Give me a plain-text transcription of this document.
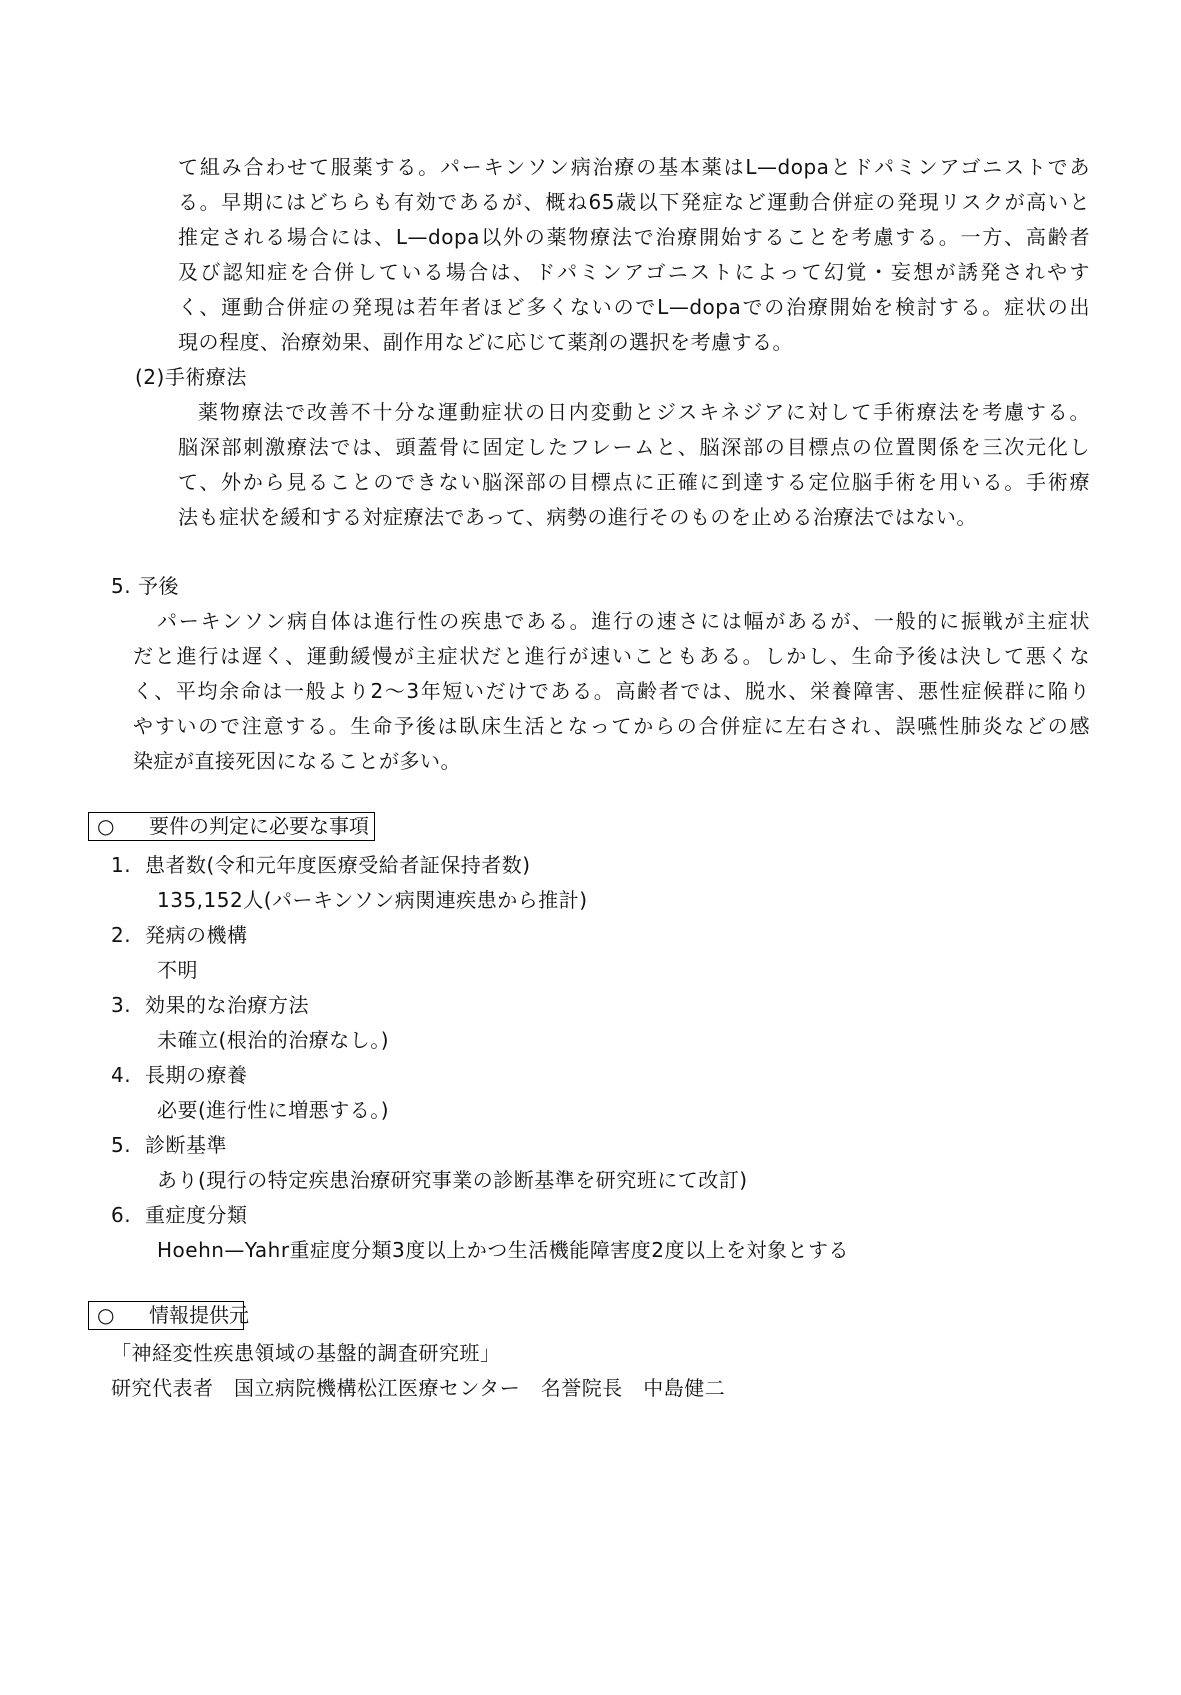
て組み合わせて服薬する。パーキンソン病治療の基本薬はL—dopaとドパミンアゴニストであ
る。早期にはどちらも有効であるが、概ね65歳以下発症など運動合併症の発現リスクが高いと
推定される場合には、L—dopa以外の薬物療法で治療開始することを考慮する。一方、高齢者
及び認知症を合併している場合は、ドパミンアゴニストによって幻覚・妄想が誘発されやす
く、運動合併症の発現は若年者ほど多くないのでL—dopaでの治療開始を検討する。症状の出
現の程度、治療効果、副作用などに応じて薬剤の選択を考慮する。
(2)手術療法
薬物療法で改善不十分な運動症状の日内変動とジスキネジアに対して手術療法を考慮する。
脳深部刺激療法では、頭蓋骨に固定したフレームと、脳深部の目標点の位置関係を三次元化し
て、外から見ることのできない脳深部の目標点に正確に到達する定位脳手術を用いる。手術療
法も症状を緩和する対症療法であって、病勢の進行そのものを止める治療法ではない。
5. 予後
パーキンソン病自体は進行性の疾患である。進行の速さには幅があるが、一般的に振戦が主症状
だと進行は遅く、運動緩慢が主症状だと進行が速いこともある。しかし、生命予後は決して悪くな
く、平均余命は一般より2〜3年短いだけである。高齢者では、脱水、栄養障害、悪性症候群に陥り
やすいので注意する。生命予後は臥床生活となってからの合併症に左右され、誤嚥性肺炎などの感
染症が直接死因になることが多い。
○ 要件の判定に必要な事項
1. 患者数(令和元年度医療受給者証保持者数)
135,152人(パーキンソン病関連疾患から推計)
2. 発病の機構
不明
3. 効果的な治療方法
未確立(根治的治療なし。)
4. 長期の療養
必要(進行性に増悪する。)
5. 診断基準
あり(現行の特定疾患治療研究事業の診断基準を研究班にて改訂)
6. 重症度分類
Hoehn—Yahr重症度分類3度以上かつ生活機能障害度2度以上を対象とする
○ 情報提供元
「神経変性疾患領域の基盤的調査研究班」
研究代表者　国立病院機構松江医療センター　名誉院長　中島健二
